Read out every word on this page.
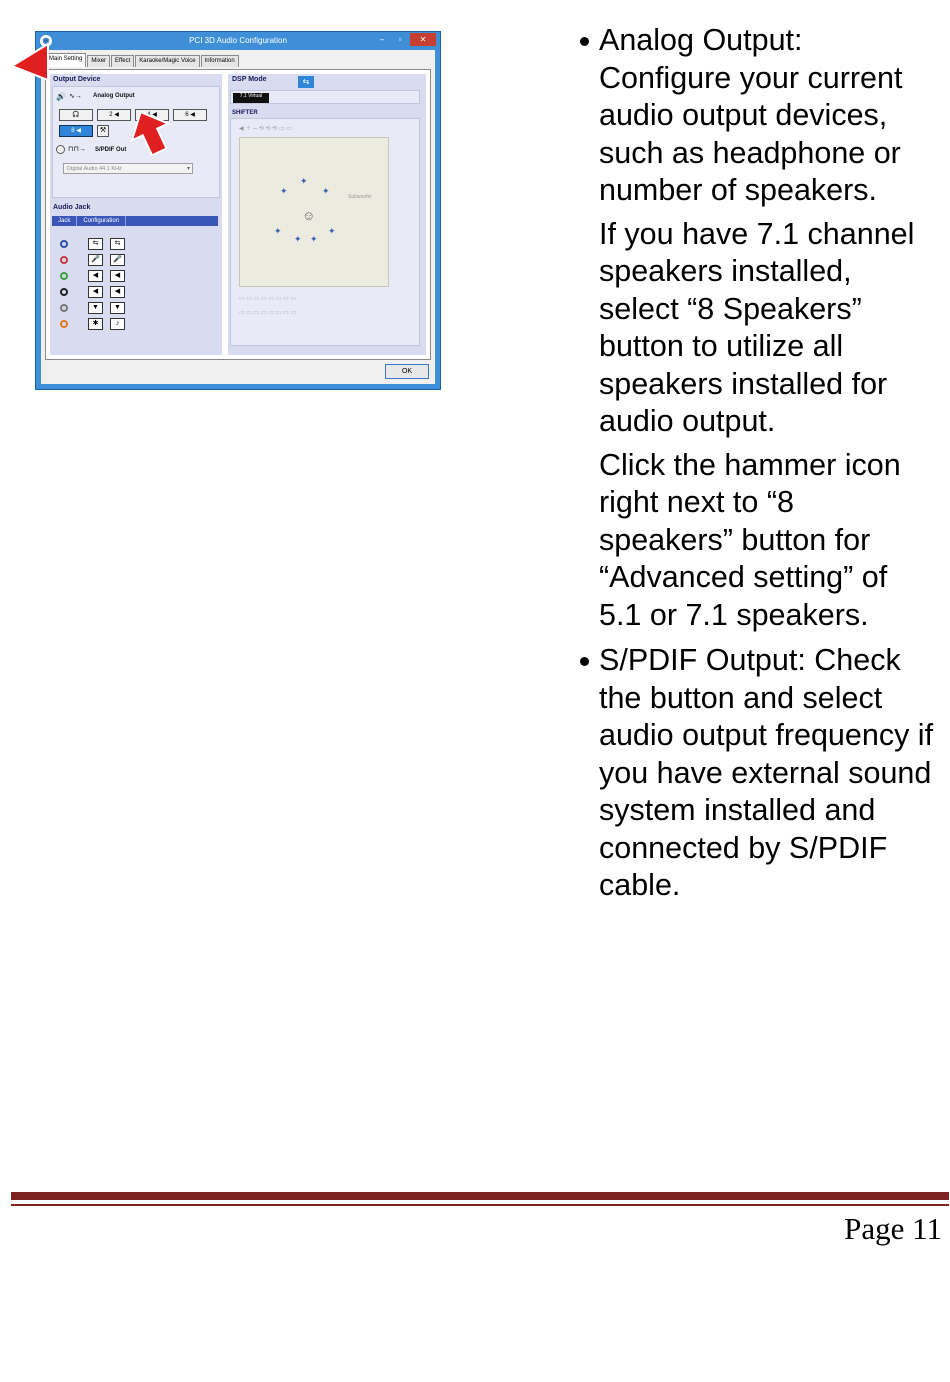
◉	PCI 3D Audio Configuration	–	▫	✕
Main Setting	Mixer	Effect	Karaoke/Magic Voice	Information
Output Device
🔊 ∿→ Analog Output
🎧	2 ◀	◀	6 ◀
8 ◀	⚒
⊓⊓→ S/PDIF Out
Digital Audio 44.1 KHz	▾
Audio Jack
Jack Configuration
⇆	⇆
🎤	🎤
◀	◀
◀	◀
▼	▼
✱	♪
DSP Mode	⇆
7.1 Virtual
SHIFTER
◀ ＋ ─ ⟲ ⟲ ⟲ ▭ ▭
✦
✦	✦
☺
✦	✦
✦ ✦
Subwoofer
▭ ▭ ▭ ▭ ▭ ▭ ▭ ▭
▭ ▭ ▭ ▭ ▭ ▭ ▭ ▭
OK
Analog Output: Configure your current audio output devices, such as headphone or number of speakers.
If you have 7.1 channel speakers installed, select “8 Speakers” button to utilize all speakers installed for audio output.
Click the hammer icon right next to “8 speakers” button for “Advanced setting” of 5.1 or 7.1 speakers.
S/PDIF Output: Check the button and select audio output frequency if you have external sound system installed and connected by S/PDIF cable.
Page 11
